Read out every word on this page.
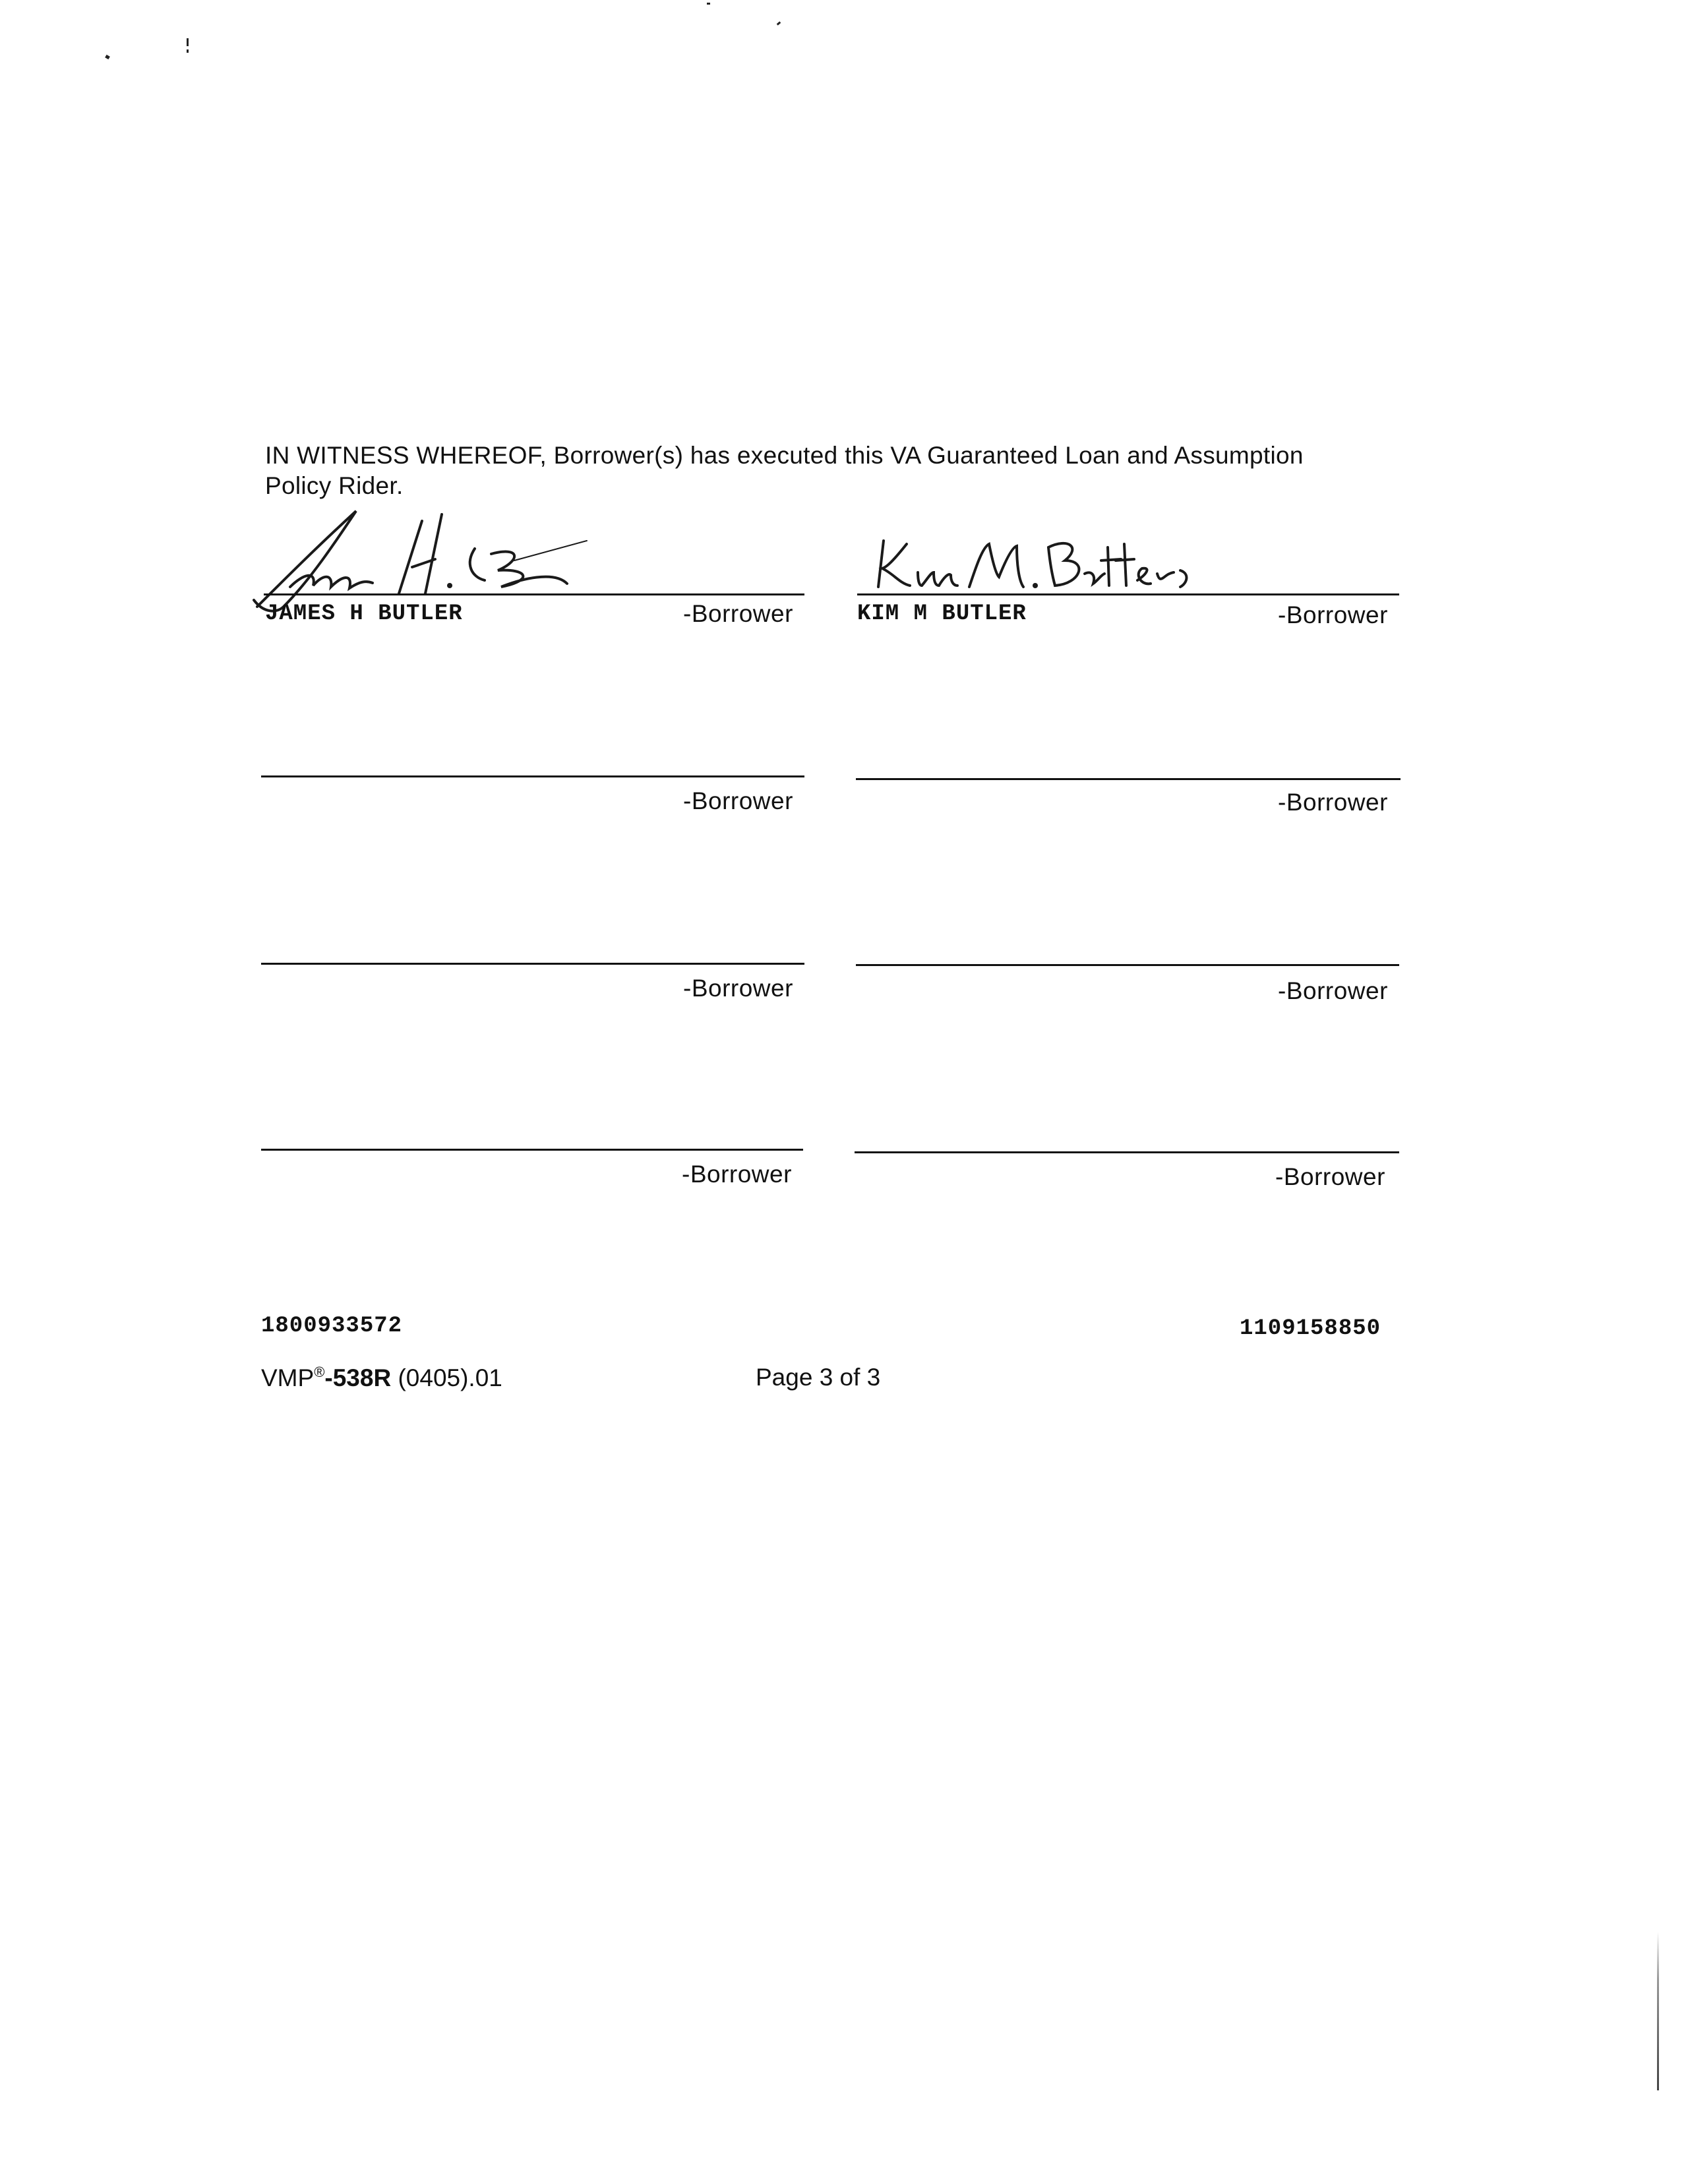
IN WITNESS WHEREOF, Borrower(s) has executed this VA Guaranteed Loan and Assumption
Policy Rider.
JAMES H BUTLER	-Borrower	KIM M BUTLER	-Borrower
-Borrower	-Borrower
-Borrower	-Borrower
-Borrower	-Borrower
1800933572	1109158850
VMP®-538R (0405).01	Page 3 of 3
